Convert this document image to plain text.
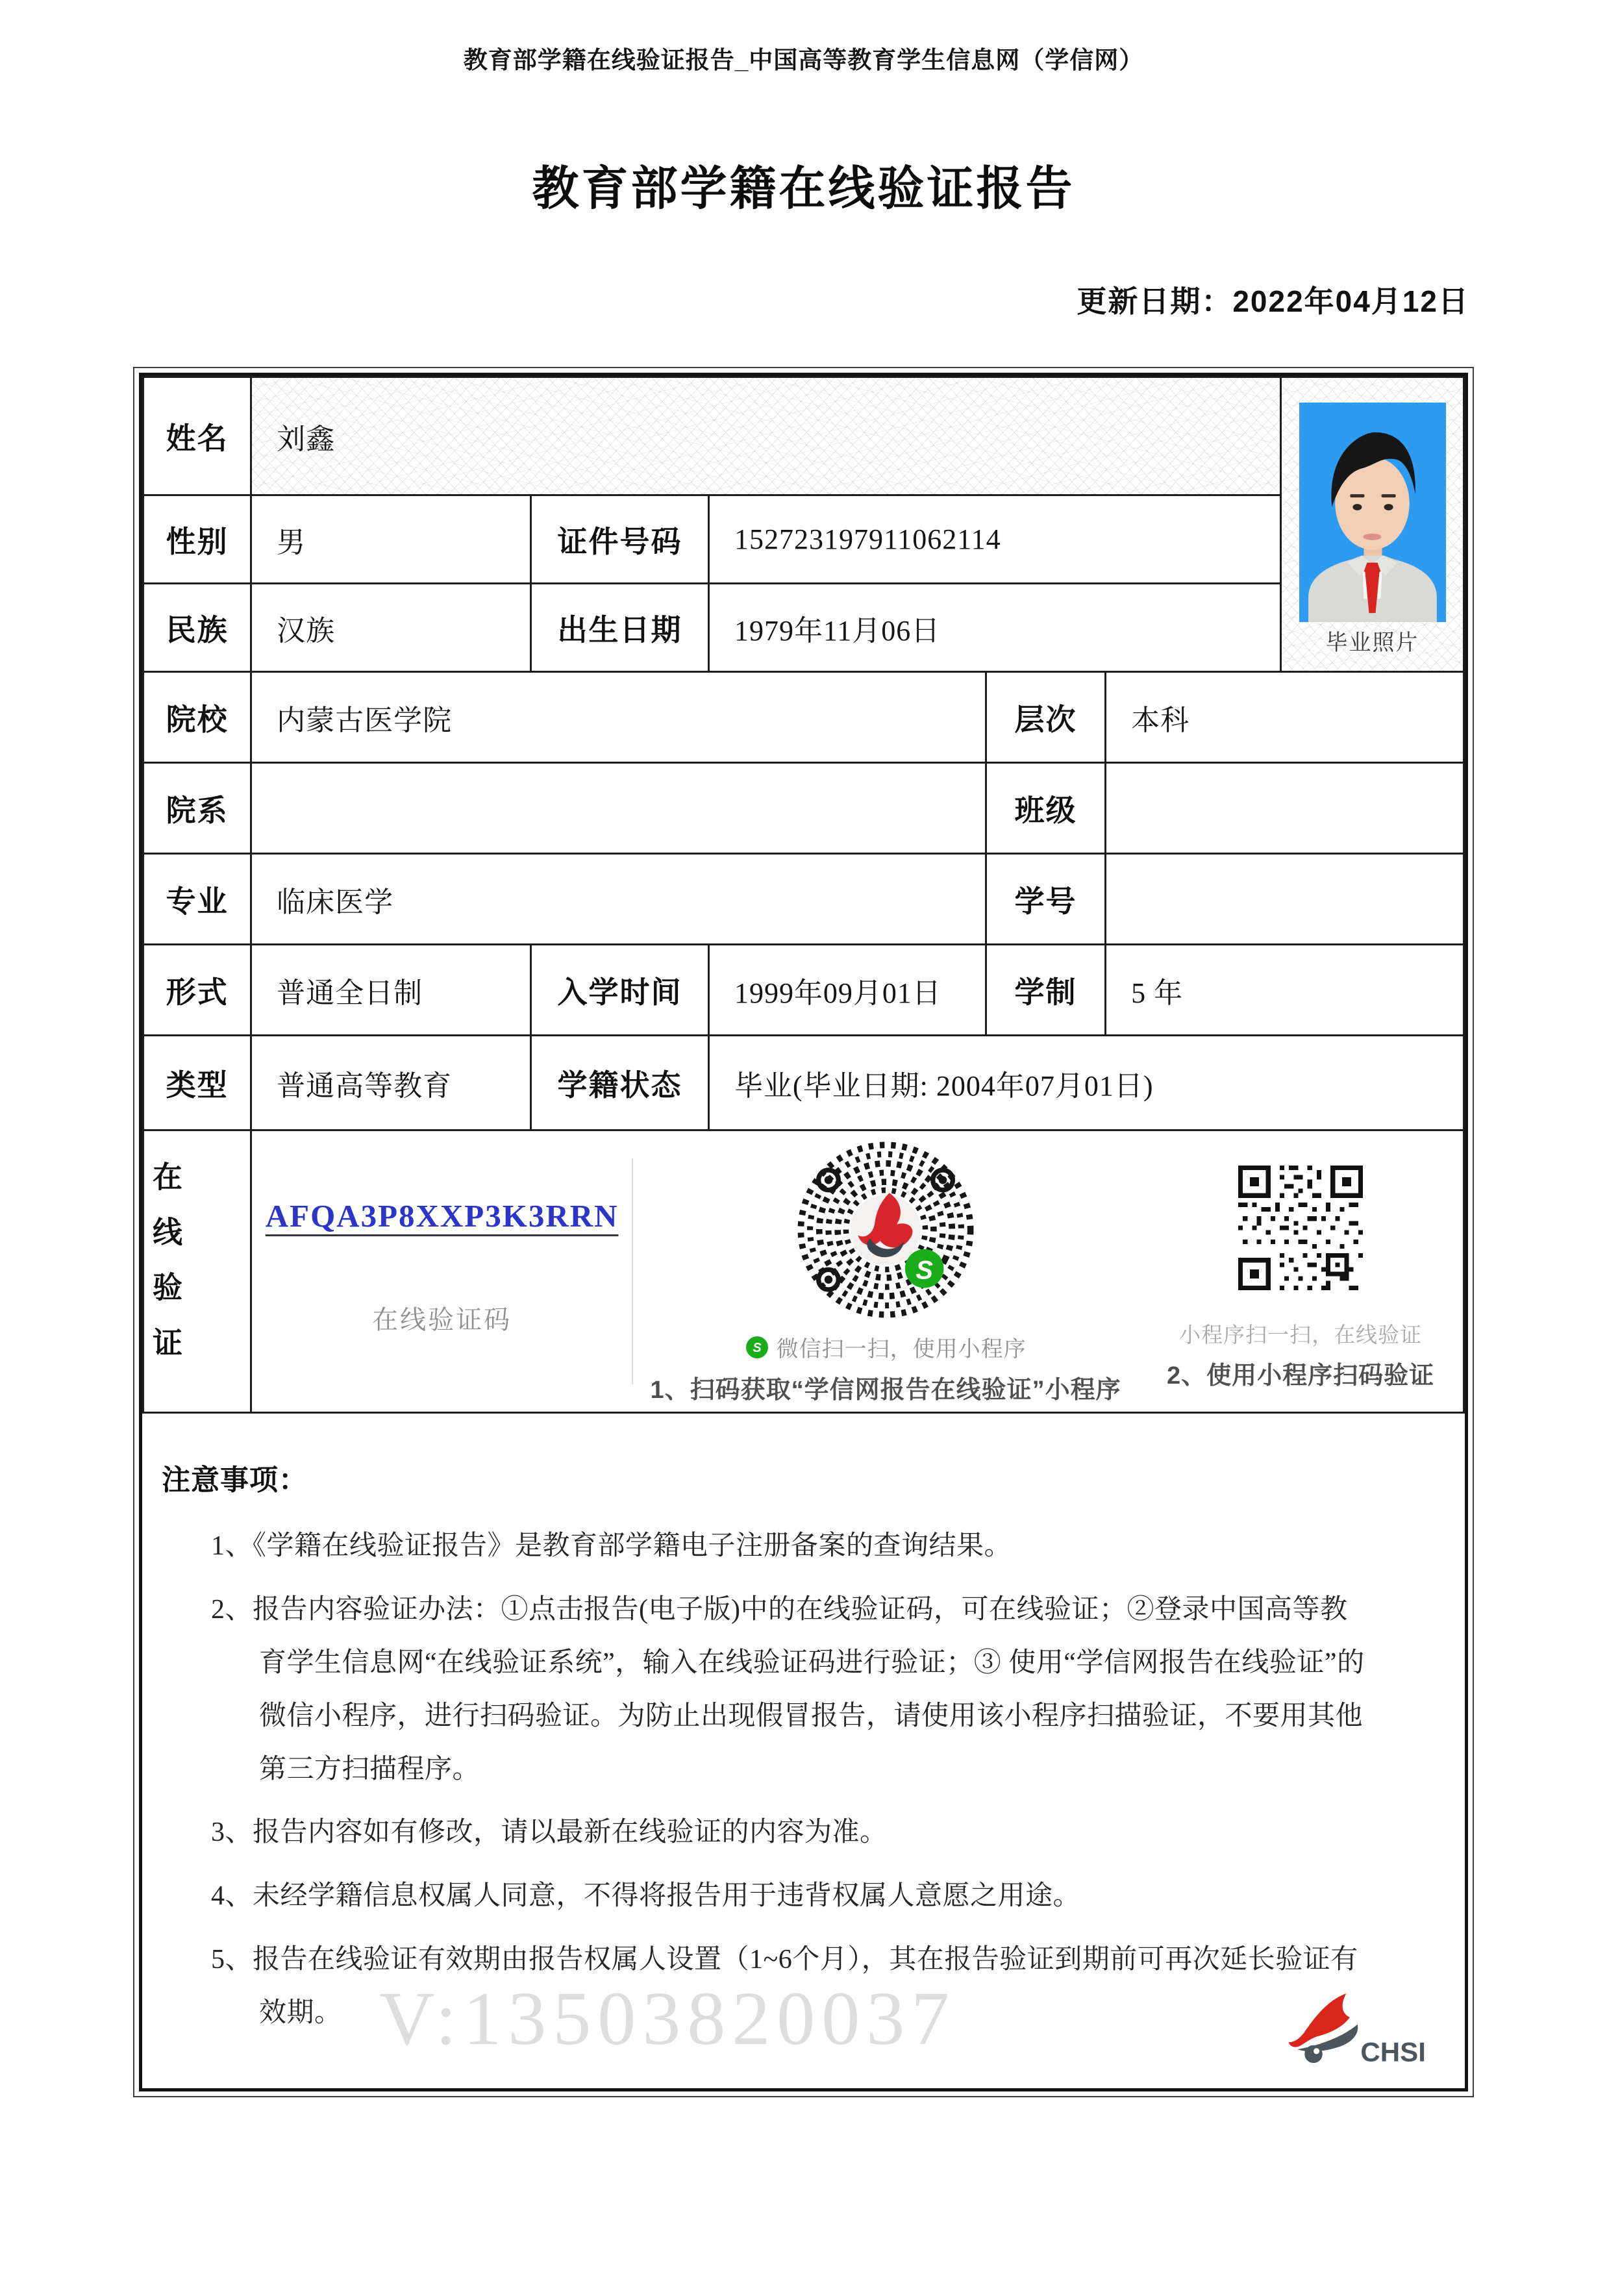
教育部学籍在线验证报告_中国高等教育学生信息网（学信网）
教育部学籍在线验证报告
更新日期：2022年04月12日
姓名	刘鑫					毕业照片

性别	男	证件号码	152723197911062114			
民族	汉族	出生日期	1979年11月06日			
院校	内蒙古医学院			层次	本科	
院系				班级		
专业	临床医学			学号		
形式	普通全日制	入学时间	1999年09月01日	学制	5 年	
类型	普通高等教育	学籍状态	毕业(毕业日期: 2004年07月01日)			

在线验证	AFQA3P8XXP3K3RRN
在线验证码
S
S 微信扫一扫，使用小程序
1、扫码获取“学信网报告在线验证”小程序
小程序扫一扫，在线验证
2、使用小程序扫码验证
注意事项：
1、《学籍在线验证报告》是教育部学籍电子注册备案的查询结果。
2、报告内容验证办法：①点击报告(电子版)中的在线验证码，可在线验证；②登录中国高等教育学生信息网“在线验证系统”，输入在线验证码进行验证；③ 使用“学信网报告在线验证”的微信小程序，进行扫码验证。为防止出现假冒报告，请使用该小程序扫描验证，不要用其他第三方扫描程序。
3、报告内容如有修改，请以最新在线验证的内容为准。
4、未经学籍信息权属人同意，不得将报告用于违背权属人意愿之用途。
5、报告在线验证有效期由报告权属人设置（1~6个月），其在报告验证到期前可再次延长验证有效期。 V:13503820037	CHSI
